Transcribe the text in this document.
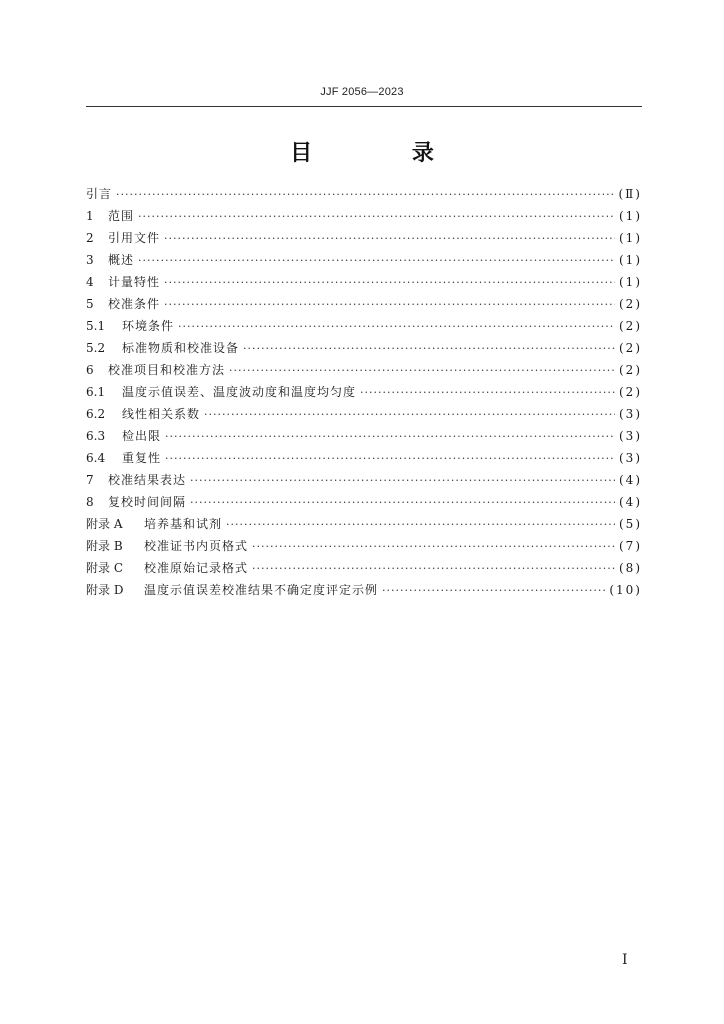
JJF 2056—2023
目 录
引言 ·····	(Ⅱ)
1	范围 ·····	(1)
2	引用文件 ·····	(1)
3	概述 ·····	(1)
4	计量特性 ·····	(1)
5	校准条件 ·····	(2)
5.1	环境条件 ·····	(2)
5.2	标准物质和校准设备 ·····	(2)
6	校准项目和校准方法 ·····	(2)
6.1	温度示值误差、温度波动度和温度均匀度 ·····	(2)
6.2	线性相关系数 ·····	(3)
6.3	检出限 ·····	(3)
6.4	重复性 ·····	(3)
7	校准结果表达 ·····	(4)
8	复校时间间隔 ·····	(4)
附录 A	培养基和试剂 ·····	(5)
附录 B	校准证书内页格式 ·····	(7)
附录 C	校准原始记录格式 ·····	(8)
附录 D	温度示值误差校准结果不确定度评定示例 ·····	(10)
I
